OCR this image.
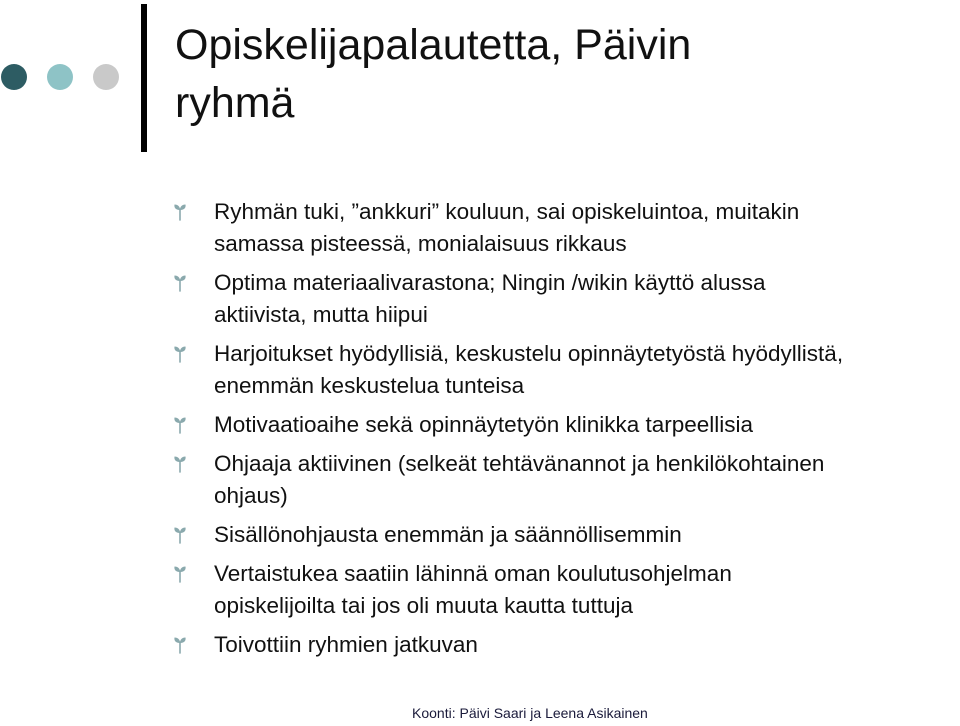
Opiskelijapalautetta, Päivin
ryhmä
Ryhmän tuki, ”ankkuri” kouluun, sai opiskeluintoa, muitakin
samassa pisteessä, monialaisuus rikkaus
Optima materiaalivarastona; Ningin /wikin käyttö alussa
aktiivista, mutta hiipui
Harjoitukset hyödyllisiä, keskustelu opinnäytetyöstä hyödyllistä,
enemmän keskustelua tunteisa
Motivaatioaihe sekä opinnäytetyön klinikka tarpeellisia
Ohjaaja aktiivinen (selkeät tehtävänannot ja henkilökohtainen
ohjaus)
Sisällönohjausta enemmän ja säännöllisemmin
Vertaistukea saatiin lähinnä oman koulutusohjelman
opiskelijoilta tai jos oli muuta kautta tuttuja
Toivottiin ryhmien jatkuvan
Koonti: Päivi Saari ja Leena Asikainen
